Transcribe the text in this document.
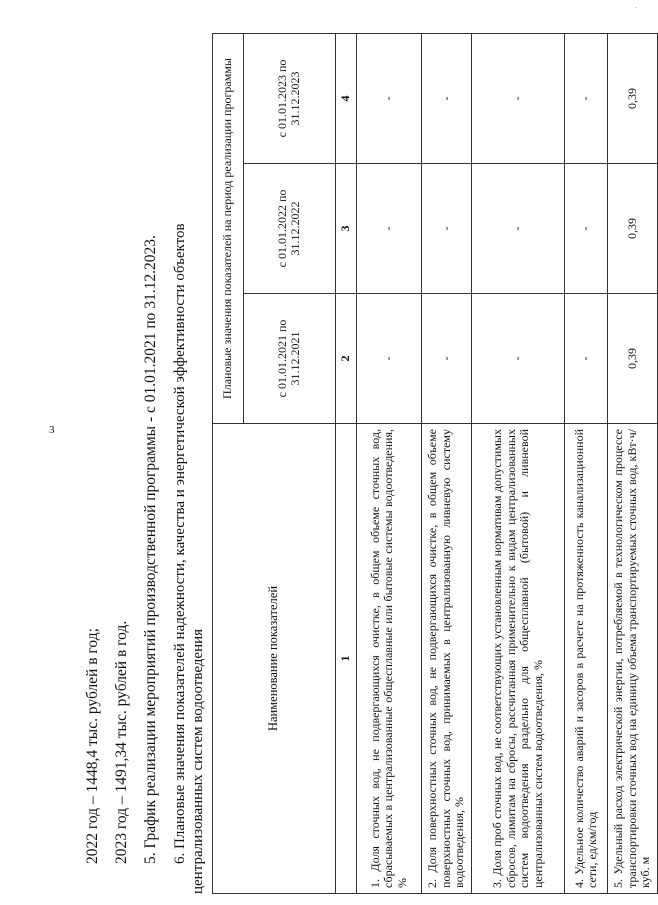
3
·
2022 год – 1448,4 тыс. рублей в год; 2023 год – 1491,34 тыс. рублей в год. 5. График реализации мероприятий производственной программы - с 01.01.2021 по 31.12.2023. 6. Плановые значения показателей надежности, качества и энергетической эффективности объектов централизованных систем водоотведения	Наименование показателей	Плановые значения показателей на период реализации программы		
	с 01.01.2021 по 31.12.2021	с 01.01.2022 по 31.12.2022	с 01.01.2023 по 31.12.2023
1	2	3	4
1. Доля сточных вод, не подвергающихся очистке, в общем объеме сточных вод, сбрасываемых в централизованные общесплавные или бытовые системы водоотведения, %	-	-	-
2. Доля поверхностных сточных вод, не подвергающихся очистке, в общем объеме поверхностных сточных вод, принимаемых в централизованную ливневую систему водоотведения, %	-	-	-
3. Доля проб сточных вод, не соответствующих установленным нормативам допустимых сбросов, лимитам на сбросы, рассчитанная применительно к видам централизованных систем водоотведения раздельно для общесплавной (бытовой) и ливневой централизованных систем водоотведения, %	-	-	-
4. Удельное количество аварий и засоров в расчете на протяженность канализационной сети, ед/км/год	-	-	-
5. Удельный расход электрической энергии, потребляемой в технологическом процессе транспортировки сточных вод на единицу объема транспортируемых сточных вод, кВт·ч/куб. м	0,39	0,39	0,39
